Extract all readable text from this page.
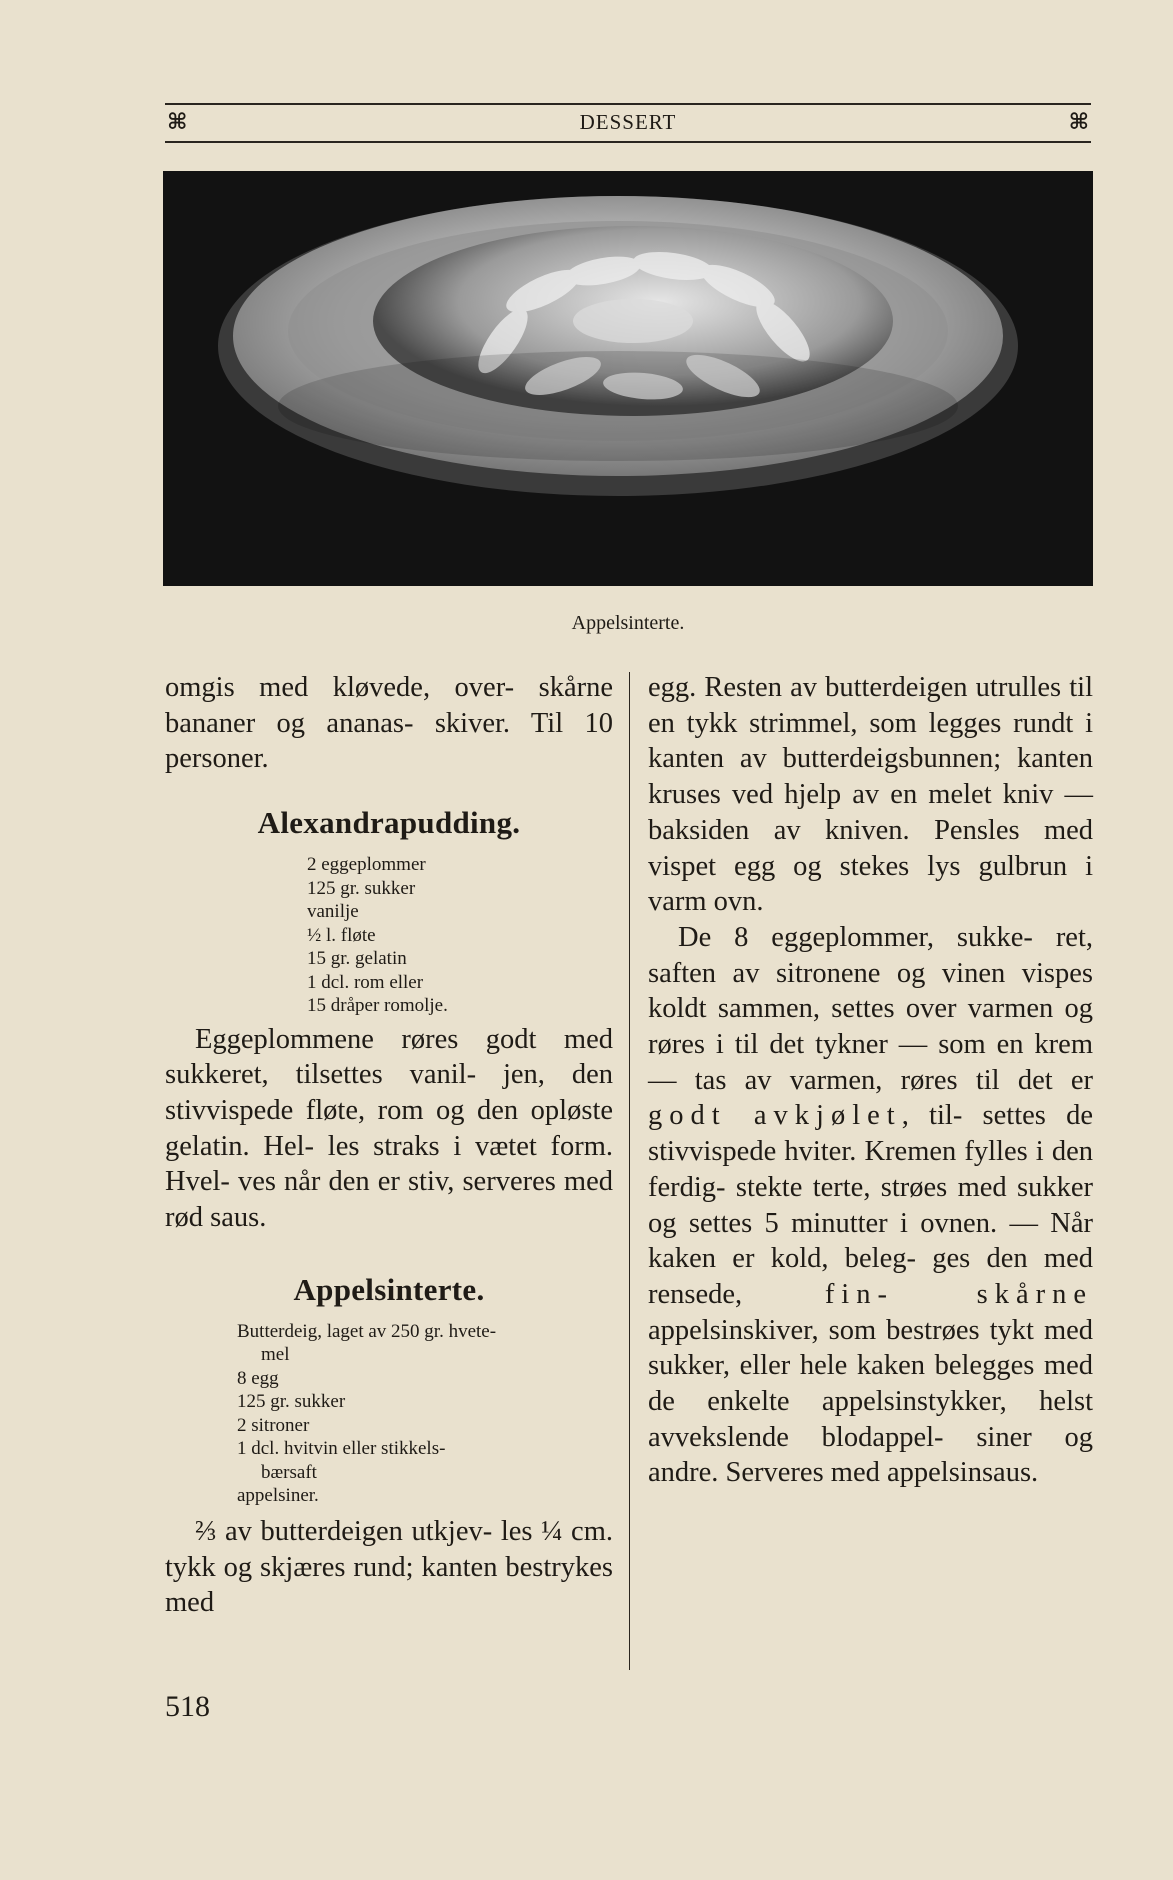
⌘	DESSERT	⌘
Appelsinterte.

omgis med kløvede, over- skårne bananer og ananas- skiver. Til 10 personer.

Alexandrapudding.
2 eggeplommer
125 gr. sukker
vanilje
½ l. fløte
15 gr. gelatin
1 dcl. rom eller
15 dråper romolje.

Eggeplommene røres godt med sukkeret, tilsettes vanil- jen, den stivvispede fløte, rom og den opløste gelatin. Hel- les straks i vætet form. Hvel- ves når den er stiv, serveres med rød saus.

Appelsinterte.
Butterdeig, laget av 250 gr. hvete-
mel
8 egg
125 gr. sukker
2 sitroner
1 dcl. hvitvin eller stikkels-
bærsaft
appelsiner.

⅔ av butterdeigen utkjev- les ¼ cm. tykk og skjæres rund; kanten bestrykes med

egg. Resten av butterdeigen utrulles til en tykk strimmel, som legges rundt i kanten av butterdeigsbunnen; kanten kruses ved hjelp av en melet kniv — baksiden av kniven. Pensles med vispet egg og stekes lys gulbrun i varm ovn.

De 8 eggeplommer, sukke- ret, saften av sitronene og vinen vispes koldt sammen, settes over varmen og røres i til det tykner — som en krem — tas av varmen, røres til det er godt avkjølet, til- settes de stivvispede hviter. Kremen fylles i den ferdig- stekte terte, strøes med sukker og settes 5 minutter i ovnen. — Når kaken er kold, beleg- ges den med rensede, fin-	skårne appelsinskiver, som bestrøes tykt med sukker, eller hele kaken belegges med de enkelte appelsinstykker, helst avvekslende blodappel- siner og andre. Serveres med appelsinsaus.

518
